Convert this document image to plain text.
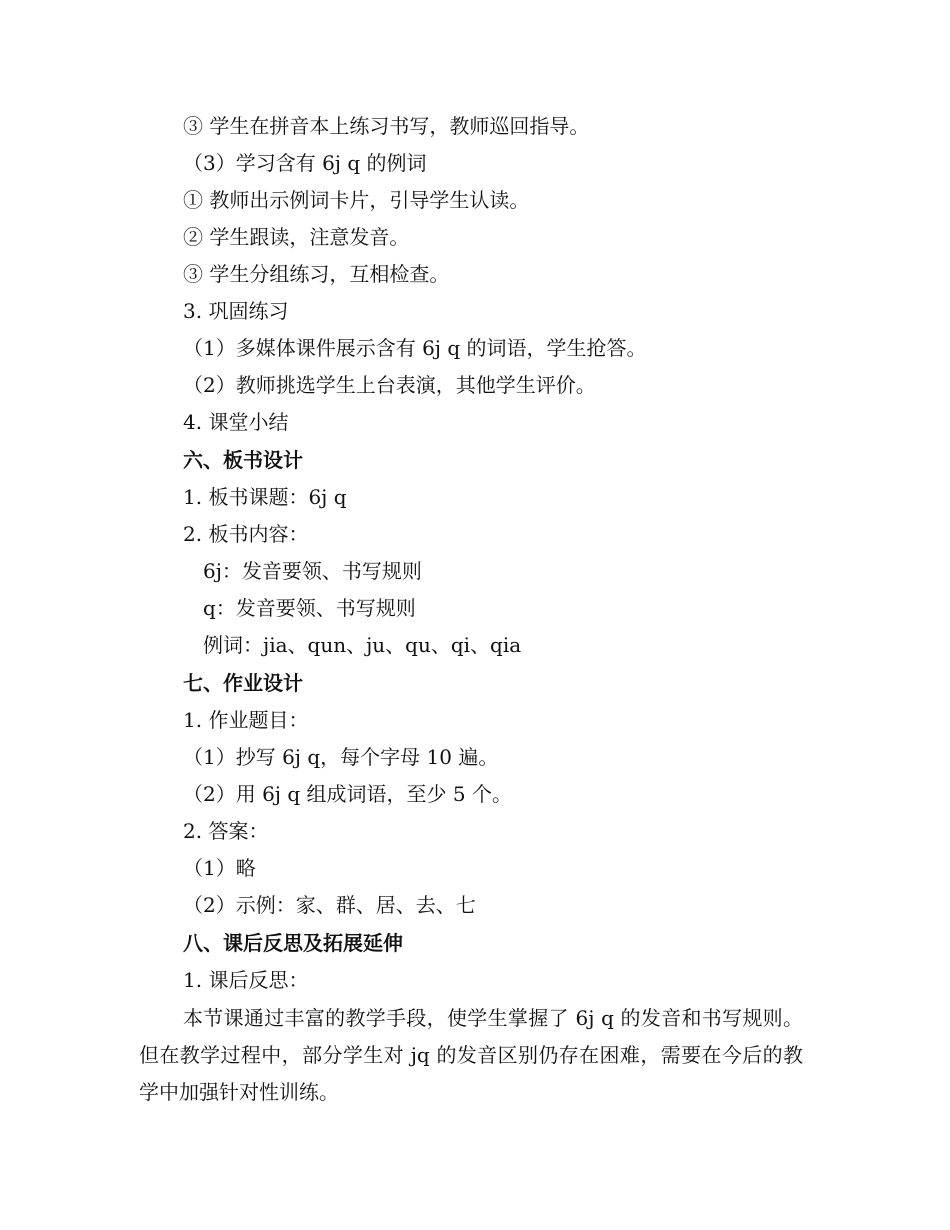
③ 学生在拼音本上练习书写，教师巡回指导。
（3）学习含有 6j q 的例词
① 教师出示例词卡片，引导学生认读。
② 学生跟读，注意发音。
③ 学生分组练习，互相检查。
3. 巩固练习
（1）多媒体课件展示含有 6j q 的词语，学生抢答。
（2）教师挑选学生上台表演，其他学生评价。
4. 课堂小结
六、板书设计
1. 板书课题：6j q
2. 板书内容：
6j：发音要领、书写规则
q：发音要领、书写规则
例词：jia、qun、ju、qu、qi、qia
七、作业设计
1. 作业题目：
（1）抄写 6j q，每个字母 10 遍。
（2）用 6j q 组成词语，至少 5 个。
2. 答案：
（1）略
（2）示例：家、群、居、去、七
八、课后反思及拓展延伸
1. 课后反思：
本节课通过丰富的教学手段，使学生掌握了 6j q 的发音和书写规则。但在教学过程中，部分学生对 jq 的发音区别仍存在困难，需要在今后的教学中加强针对性训练。
